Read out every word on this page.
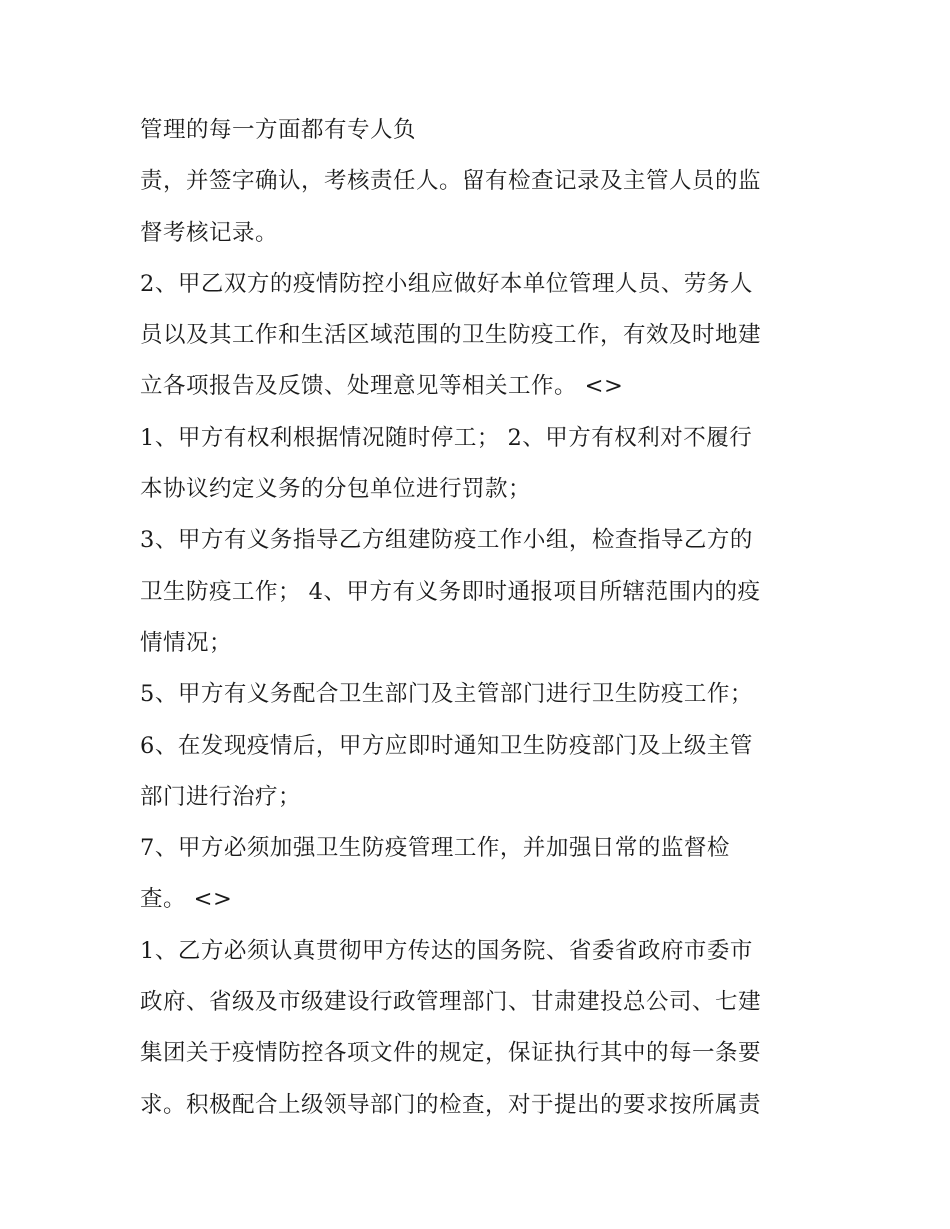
管理的每一方面都有专人负
责，并签字确认，考核责任人。留有检查记录及主管人员的监
督考核记录。
2、甲乙双方的疫情防控小组应做好本单位管理人员、劳务人
员以及其工作和生活区域范围的卫生防疫工作，有效及时地建
立各项报告及反馈、处理意见等相关工作。 <>
1、甲方有权利根据情况随时停工； 2、甲方有权利对不履行
本协议约定义务的分包单位进行罚款；
3、甲方有义务指导乙方组建防疫工作小组，检查指导乙方的
卫生防疫工作； 4、甲方有义务即时通报项目所辖范围内的疫
情情况；
5、甲方有义务配合卫生部门及主管部门进行卫生防疫工作；
6、在发现疫情后，甲方应即时通知卫生防疫部门及上级主管
部门进行治疗；
7、甲方必须加强卫生防疫管理工作，并加强日常的监督检
查。 <>
1、乙方必须认真贯彻甲方传达的国务院、省委省政府市委市
政府、省级及市级建设行政管理部门、甘肃建投总公司、七建
集团关于疫情防控各项文件的规定，保证执行其中的每一条要
求。积极配合上级领导部门的检查，对于提出的要求按所属责
